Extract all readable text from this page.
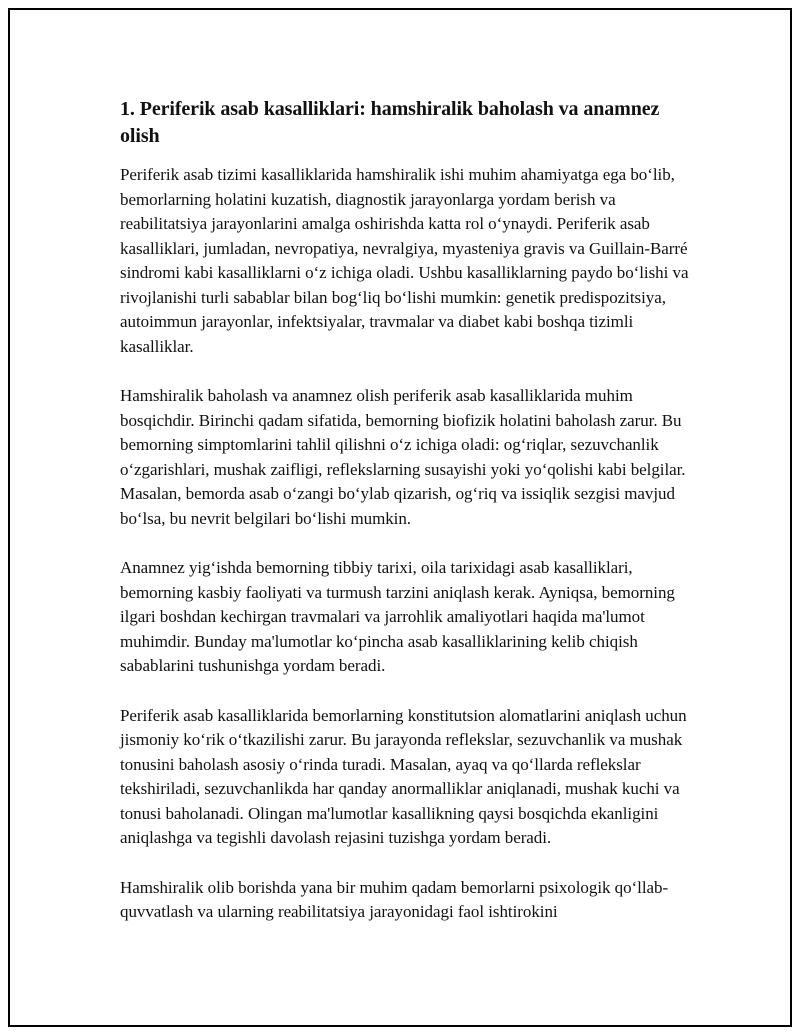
1. Periferik asab kasalliklari: hamshiralik baholash va anamnez olish

Periferik asab tizimi kasalliklarida hamshiralik ishi muhim ahamiyatga ega bo‘lib, bemorlarning holatini kuzatish, diagnostik jarayonlarga yordam berish va reabilitatsiya jarayonlarini amalga oshirishda katta rol o‘ynaydi. Periferik asab kasalliklari, jumladan, nevropatiya, nevralgiya, myasteniya gravis va Guillain-Barré sindromi kabi kasalliklarni o‘z ichiga oladi. Ushbu kasalliklarning paydo bo‘lishi va rivojlanishi turli sabablar bilan bog‘liq bo‘lishi mumkin: genetik predispozitsiya, autoimmun jarayonlar, infektsiyalar, travmalar va diabet kabi boshqa tizimli kasalliklar.

Hamshiralik baholash va anamnez olish periferik asab kasalliklarida muhim bosqichdir. Birinchi qadam sifatida, bemorning biofizik holatini baholash zarur. Bu bemorning simptomlarini tahlil qilishni o‘z ichiga oladi: og‘riqlar, sezuvchanlik o‘zgarishlari, mushak zaifligi, reflekslarning susayishi yoki yo‘qolishi kabi belgilar. Masalan, bemorda asab o‘zangi bo‘ylab qizarish, og‘riq va issiqlik sezgisi mavjud bo‘lsa, bu nevrit belgilari bo‘lishi mumkin.

Anamnez yig‘ishda bemorning tibbiy tarixi, oila tarixidagi asab kasalliklari, bemorning kasbiy faoliyati va turmush tarzini aniqlash kerak. Ayniqsa, bemorning ilgari boshdan kechirgan travmalari va jarrohlik amaliyotlari haqida ma'lumot muhimdir. Bunday ma'lumotlar ko‘pincha asab kasalliklarining kelib chiqish sabablarini tushunishga yordam beradi.

Periferik asab kasalliklarida bemorlarning konstitutsion alomatlarini aniqlash uchun jismoniy ko‘rik o‘tkazilishi zarur. Bu jarayonda reflekslar, sezuvchanlik va mushak tonusini baholash asosiy o‘rinda turadi. Masalan, ayaq va qo‘llarda reflekslar tekshiriladi, sezuvchanlikda har qanday anormalliklar aniqlanadi, mushak kuchi va tonusi baholanadi. Olingan ma'lumotlar kasallikning qaysi bosqichda ekanligini aniqlashga va tegishli davolash rejasini tuzishga yordam beradi.

Hamshiralik olib borishda yana bir muhim qadam bemorlarni psixologik qo‘llab-quvvatlash va ularning reabilitatsiya jarayonidagi faol ishtirokini
